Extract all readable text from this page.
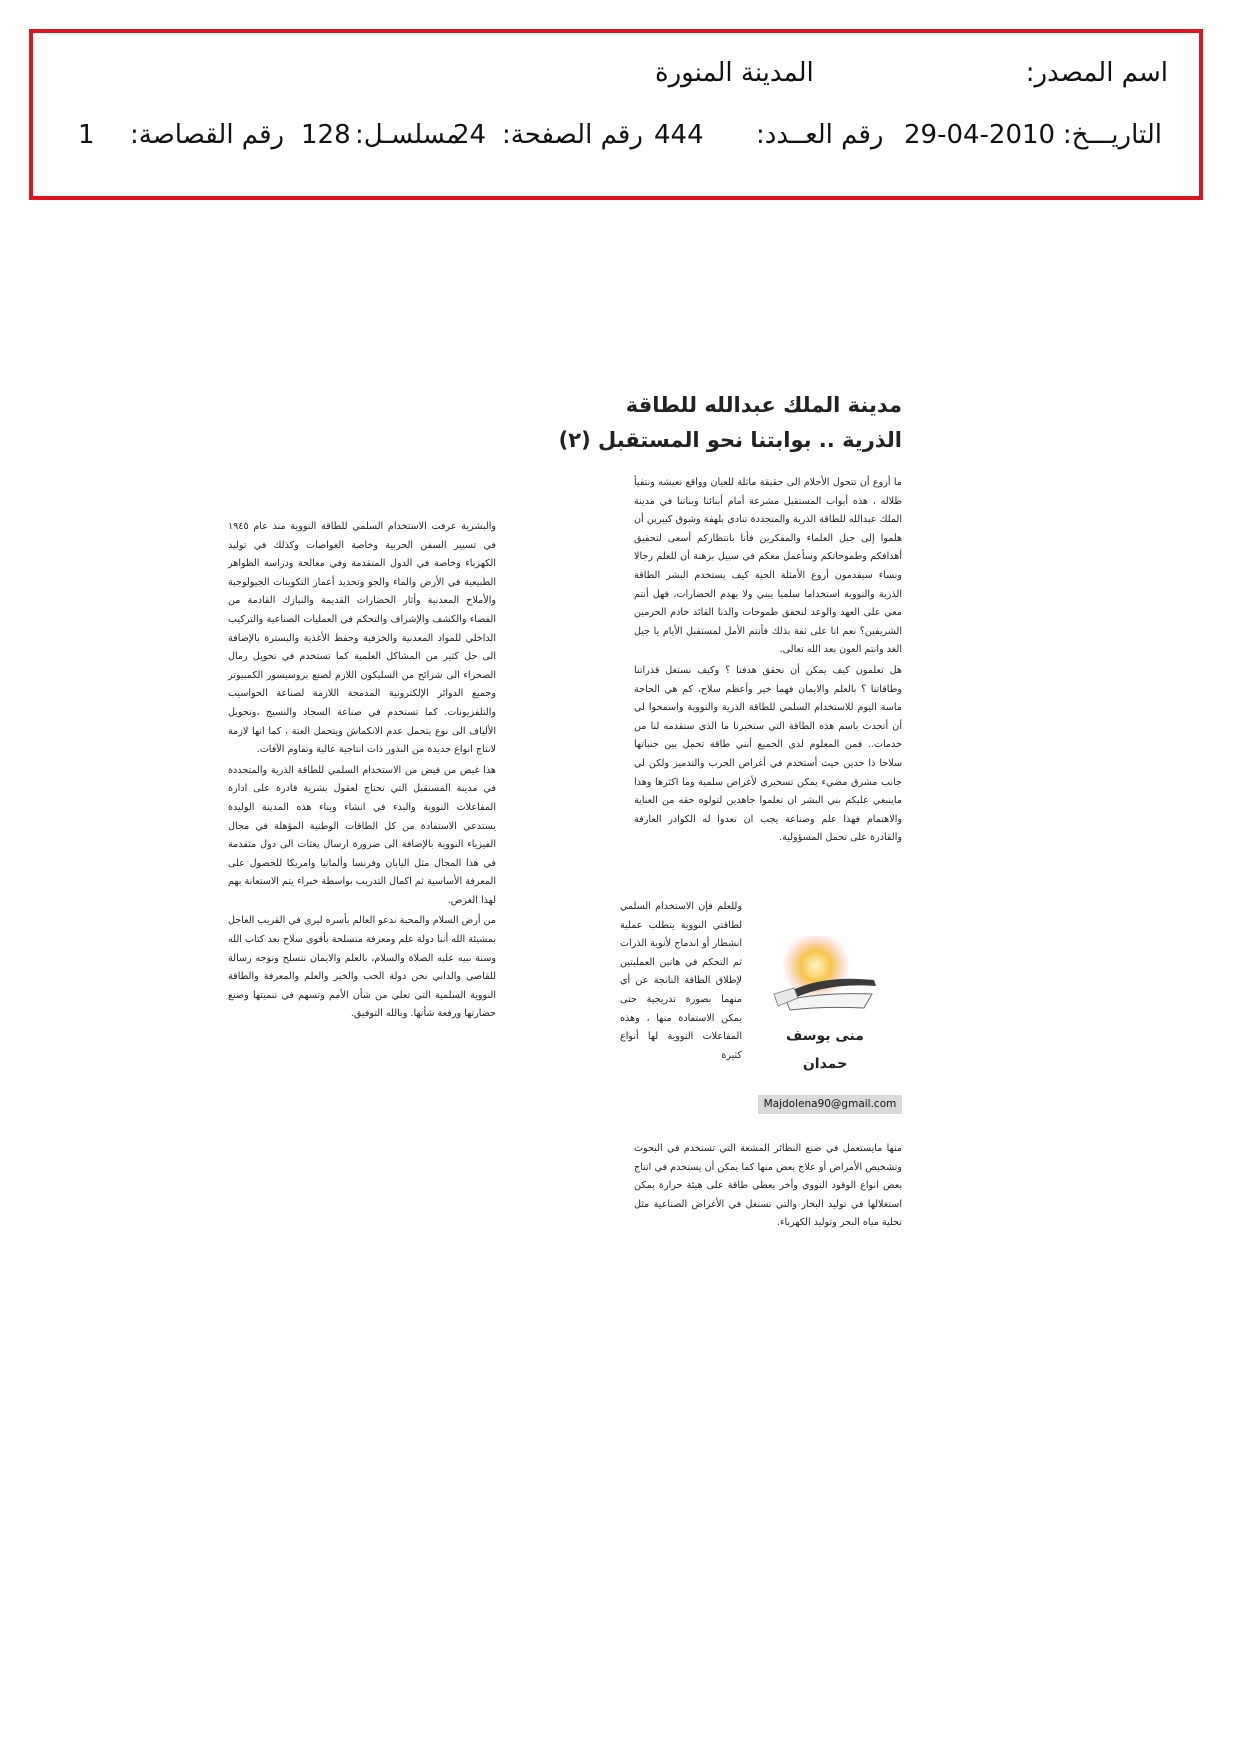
اسم المصدر:
المدينة المنورة
التاريـــخ:
29-04-2010
رقم العــدد:
444
رقم الصفحة:
24
مسلسـل:
128
رقم القصاصة:
1
مدينة الملك عبدالله للطاقة
الذرية .. بوابتنا نحو المستقبل (٢)

ما أروع أن تتحول الأحلام الى حقيقة ماثلة للعيان وواقع نعيشه ونتفيأ ظلاله ، هذه أبواب المستقبل مشرعة أمام أبنائنا وبناتنا في مدينة الملك عبدالله للطاقة الذرية والمتجددة تنادي بلهفة وشوق كبيرين أن هلموا إلى جيل العلماء والمفكرين فأنا بانتظاركم أسعى لتحقيق أهدافكم وطموحاتكم وسأعمل معكم في سبيل برهنة أن للعلم رجالا ونساء سيقدمون أروع الأمثلة الحية كيف يستخدم البشر الطاقة الذرية والنووية استخداما سلميا يبني ولا يهدم الحضارات، فهل أنتم معي على العهد والوعد لنحقق طموحات والدنا القائد خادم الحرمين الشريفين؟ نعم انا على ثقة بذلك فأنتم الأمل لمستقبل الأيام يا جيل الغد وانتم العون بعد الله تعالى.

هل تعلمون كيف يمكن أن نحقق هدفنا ؟ وكيف نستغل قدراتنا وطاقاتنا ؟ بالعلم والايمان فهما خير وأعظم سلاح، كم هي الحاجة ماسة اليوم للاستخدام السلمي للطاقة الذرية والنووية واسمحوا لي أن أتحدث باسم هذه الطاقة التي ستخبرنا ما الذي ستقدمه لنا من خدمات.. فمن المعلوم لدى الجميع أنني طاقة تحمل بين جنباتها سلاحا ذا حدين حيث أستخدم في أغراض الحرب والتدمير ولكن لي جانب مشرق مضيء يمكن تسخيري لأغراض سلمية وما اكثرها وهذا ماينبغي عليكم بني البشر ان تعلموا جاهدين لتولوه حقه من العناية والاهتمام فهذا علم وصناعة يجب ان تعدوا له الكوادر العارفة والقادرة على تحمل المسؤولية.

وللعلم فإن الاستخدام السلمي لطاقتي النووية يتطلب عملية انشطار أو اندماج لأنوية الذرات ثم التحكم في هاتين العمليتين لإطلاق الطاقة الناتجة عن أي منهما بصورة تدريجية حتى يمكن الاستفادة منها ، وهذه المفاعلات النووية لها أنواع كثيرة
منى يوسف
حمدان
Majdolena90@gmail.com

منها مايستعمل في صنع النظائر المشعة التي تستخدم في البحوث وتشخيص الأمراض أو علاج بعض منها كما يمكن أن يستخدم في انتاج بعض انواع الوقود النووي وأخر يعطي طاقة على هيئة حرارة يمكن استغلالها في توليد البخار والتي تستغل في الأغراض الصناعية مثل تحلية مياه البحر وتوليد الكهرباء.

والبشرية عرفت الاستخدام السلمي للطاقة النووية منذ عام ١٩٤٥ في تسيير السفن الحربية وخاصة الغواصات وكذلك في توليد الكهرباء وخاصة في الدول المتقدمة وفي معالجة ودراسة الظواهر الطبيعية في الأرض والماء والجو وتحديد أعمار التكوينات الجيولوجية والأملاح المعدنية وأثار الحضارات القديمة والنيازك القادمة من الفضاء والكشف والإشراف والتحكم في العمليات الصناعية والتركيب الداخلي للمواد المعدنية والخزفية وحفظ الأغذية والبسترة بالإضافة الى حل كثير من المشاكل العلمية كما تستخدم في تحويل رمال الصحراء الى شرائح من السليكون اللازم لصنع بروسيسور الكمبيوتر وجميع الدوائر الإلكترونية المدمجة اللازمة لصناعة الحواسيب والتلفزيونات. كما تستخدم في صناعة السجاد والنسيج ،وتحويل الألياف الى نوع يتحمل عدم الانكماش ويتحمل العتة ، كما انها لازمة لانتاج انواع جديدة من البذور ذات انتاجية عالية وتقاوم الآفات.

هذا غيض من فيض من الاستخدام السلمي للطاقة الذرية والمتجددة في مدينة المستقبل التي تحتاج لعقول بشرية قادرة على ادارة المفاعلات النووية والبدء في انشاء وبناء هذه المدينة الوليدة يستدعي الاستفادة من كل الطاقات الوطنية المؤهلة في مجال الفيزياء النووية بالإضافة الى ضرورة ارسال بعثات الى دول متقدمة في هذا المجال مثل اليابان وفرنسا وألمانيا وامريكا للحصول على المعرفة الأساسية ثم اكمال التدريب بواسطة خبراء يتم الاستعانة بهم لهذا الغرض.

من أرض السلام والمحبة ندعو العالم بأسره ليرى في القريب العاجل بمشيئة الله أننا دولة علم ومعرفة متسلحة بأقوى سلاح بعد كتاب الله وسنة نبيه عليه الصلاة والسلام، بالعلم والايمان نتسلح ونوجه رسالة للقاصي والداني نحن دولة الحب والخير والعلم والمعرفة والطاقة النووية السلمية التي تعلي من شأن الأمم وتسهم في تنميتها وصنع حضارتها ورفعة شأنها. وبالله التوفيق.
